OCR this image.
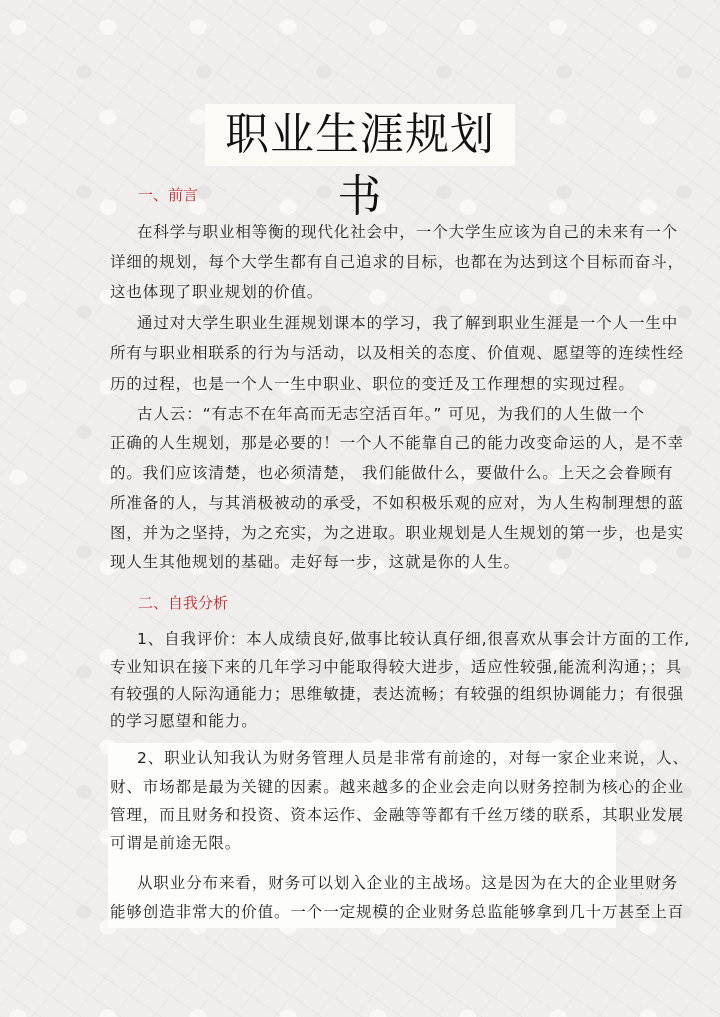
职业生涯规划书
一、前言
二、自我分析
在科学与职业相等衡的现代化社会中，一个大学生应该为自己的未来有一个
详细的规划，每个大学生都有自己追求的目标，也都在为达到这个目标而奋斗，
这也体现了职业规划的价值。
通过对大学生职业生涯规划课本的学习，我了解到职业生涯是一个人一生中
所有与职业相联系的行为与活动，以及相关的态度、价值观、愿望等的连续性经
历的过程，也是一个人一生中职业、职位的变迁及工作理想的实现过程。
古人云：“有志不在年高而无志空活百年。” 可见，为我们的人生做一个
正确的人生规划，那是必要的！一个人不能靠自己的能力改变命运的人，是不幸
的。我们应该清楚，也必须清楚， 我们能做什么，要做什么。上天之会眷顾有
所准备的人，与其消极被动的承受，不如积极乐观的应对，为人生构制理想的蓝
图，并为之坚持，为之充实，为之进取。职业规划是人生规划的第一步，也是实
现人生其他规划的基础。走好每一步，这就是你的人生。
1、自我评价：本人成绩良好,做事比较认真仔细,很喜欢从事会计方面的工作,
专业知识在接下来的几年学习中能取得较大进步，适应性较强,能流利沟通；；具
有较强的人际沟通能力；思维敏捷，表达流畅；有较强的组织协调能力；有很强
的学习愿望和能力。
2、职业认知我认为财务管理人员是非常有前途的，对每一家企业来说，人、
财、市场都是最为关键的因素。越来越多的企业会走向以财务控制为核心的企业
管理，而且财务和投资、资本运作、金融等等都有千丝万缕的联系，其职业发展
可谓是前途无限。
从职业分布来看，财务可以划入企业的主战场。这是因为在大的企业里财务
能够创造非常大的价值。一个一定规模的企业财务总监能够拿到几十万甚至上百
